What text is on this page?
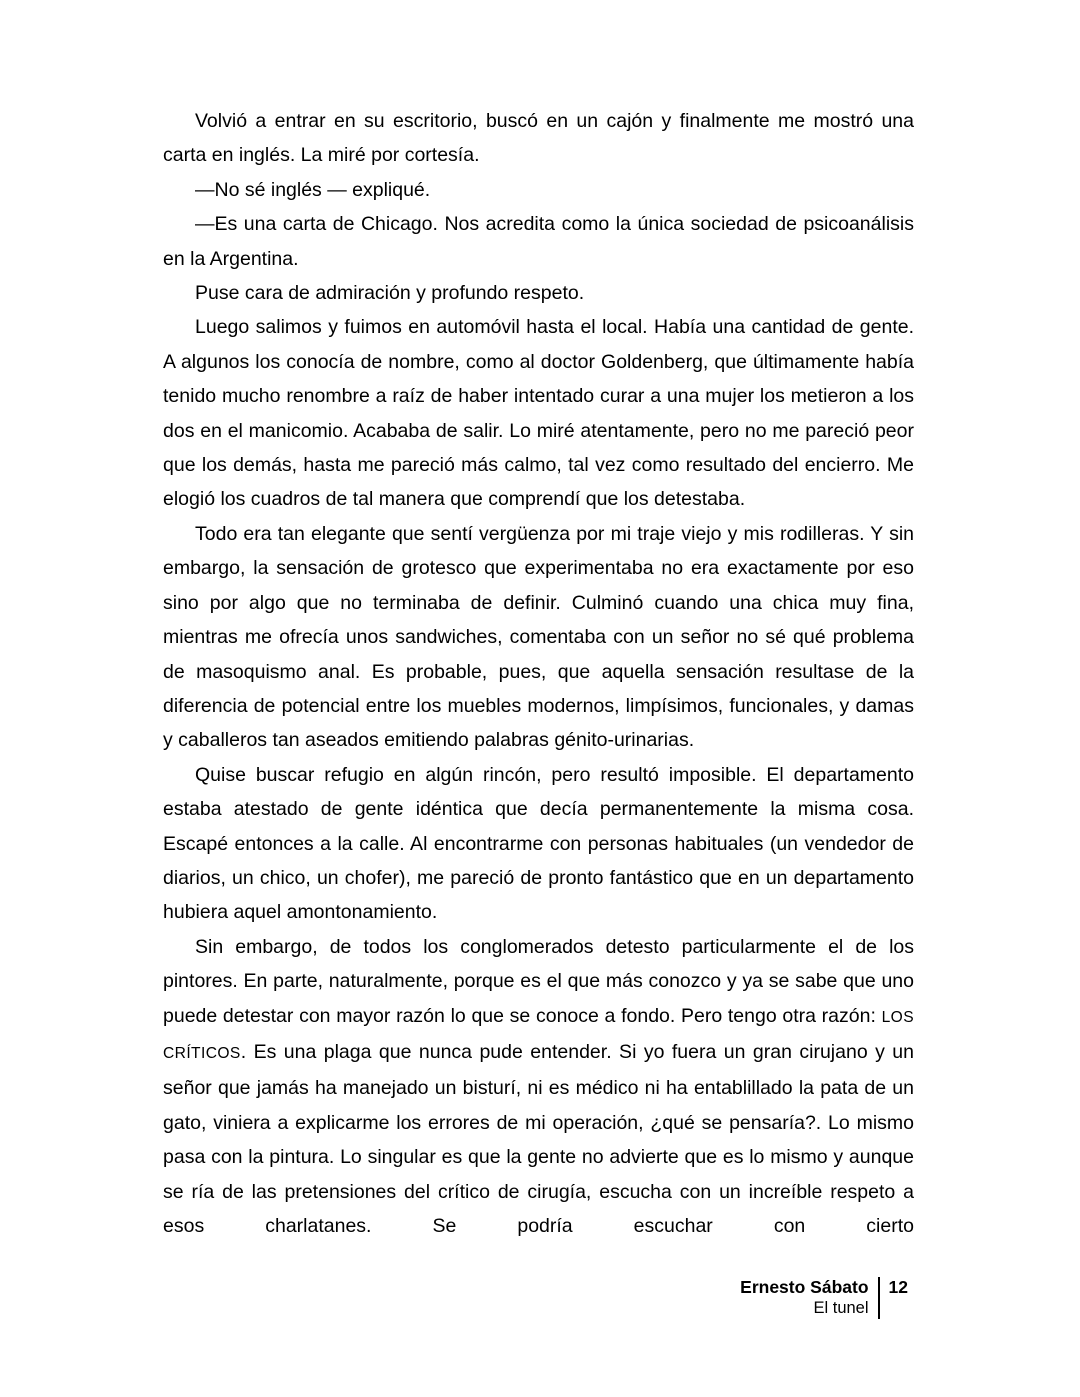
Volvió a entrar en su escritorio, buscó en un cajón y finalmente me mostró una carta en inglés. La miré por cortesía.

—No sé inglés — expliqué.

—Es una carta de Chicago. Nos acredita como la única sociedad de psicoanálisis en la Argentina.

Puse cara de admiración y profundo respeto.

Luego salimos y fuimos en automóvil hasta el local. Había una cantidad de gente. A algunos los conocía de nombre, como al doctor Goldenberg, que últimamente había tenido mucho renombre a raíz de haber intentado curar a una mujer los metieron a los dos en el manicomio. Acababa de salir. Lo miré atentamente, pero no me pareció peor que los demás, hasta me pareció más calmo, tal vez como resultado del encierro. Me elogió los cuadros de tal manera que comprendí que los detestaba.

Todo era tan elegante que sentí vergüenza por mi traje viejo y mis rodilleras. Y sin embargo, la sensación de grotesco que experimentaba no era exactamente por eso sino por algo que no terminaba de definir. Culminó cuando una chica muy fina, mientras me ofrecía unos sandwiches, comentaba con un señor no sé qué problema de masoquismo anal. Es probable, pues, que aquella sensación resultase de la diferencia de potencial entre los muebles modernos, limpísimos, funcionales, y damas y caballeros tan aseados emitiendo palabras génito-urinarias.

Quise buscar refugio en algún rincón, pero resultó imposible. El departamento estaba atestado de gente idéntica que decía permanentemente la misma cosa. Escapé entonces a la calle. Al encontrarme con personas habituales (un vendedor de diarios, un chico, un chofer), me pareció de pronto fantástico que en un departamento hubiera aquel amontonamiento.

Sin embargo, de todos los conglomerados detesto particularmente el de los pintores. En parte, naturalmente, porque es el que más conozco y ya se sabe que uno puede detestar con mayor razón lo que se conoce a fondo. Pero tengo otra razón: LOS CRÍTICOS. Es una plaga que nunca pude entender. Si yo fuera un gran cirujano y un señor que jamás ha manejado un bisturí, ni es médico ni ha entablillado la pata de un gato, viniera a explicarme los errores de mi operación, ¿qué se pensaría?. Lo mismo pasa con la pintura. Lo singular es que la gente no advierte que es lo mismo y aunque se ría de las pretensiones del crítico de cirugía, escucha con un increíble respeto a esos charlatanes. Se podría escuchar con cierto

Ernesto Sábato
El tunel
12
